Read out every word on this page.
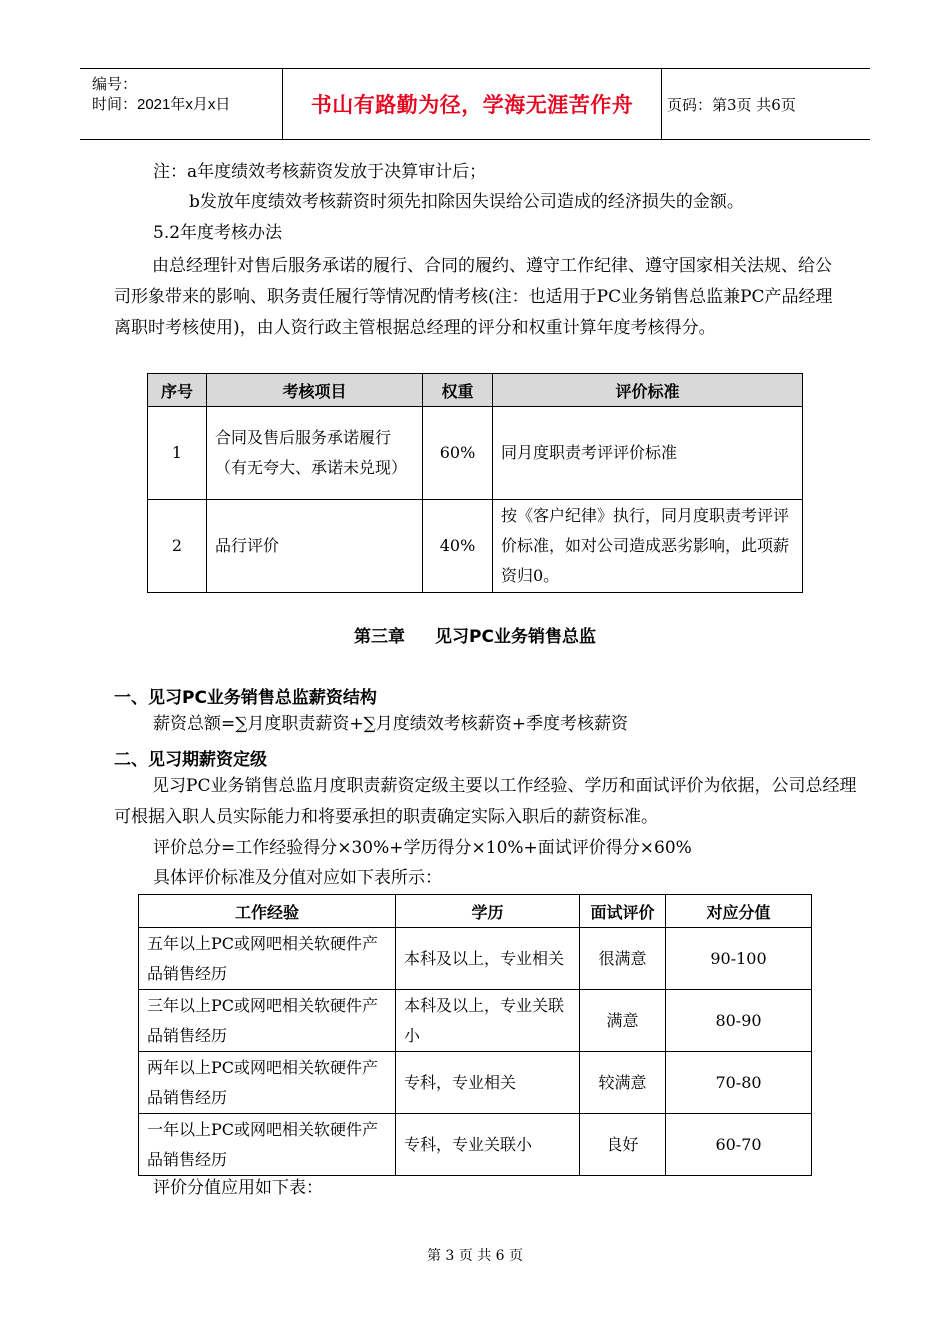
编号：
时间：2021年x月x日	书山有路勤为径，学海无涯苦作舟 页码：第3页 共6页
注：a年度绩效考核薪资发放于决算审计后；
b发放年度绩效考核薪资时须先扣除因失误给公司造成的经济损失的金额。
5.2年度考核办法
由总经理针对售后服务承诺的履行、合同的履约、遵守工作纪律、遵守国家相关法规、给公司形象带来的影响、职务责任履行等情况酌情考核(注：也适用于PC业务销售总监兼PC产品经理离职时考核使用)，由人资行政主管根据总经理的评分和权重计算年度考核得分。
序号	考核项目	权重	评价标准
1	合同及售后服务承诺履行（有无夸大、承诺未兑现）	60%	同月度职责考评评价标准
2	品行评价	40%	按《客户纪律》执行，同月度职责考评评价标准，如对公司造成恶劣影响，此项薪资归0。
第三章 见习PC业务销售总监
一、见习PC业务销售总监薪资结构
薪资总额=∑月度职责薪资+∑月度绩效考核薪资+季度考核薪资
二、见习期薪资定级
见习PC业务销售总监月度职责薪资定级主要以工作经验、学历和面试评价为依据，公司总经理可根据入职人员实际能力和将要承担的职责确定实际入职后的薪资标准。
评价总分=工作经验得分×30%+学历得分×10%+面试评价得分×60%
具体评价标准及分值对应如下表所示：
工作经验	学历	面试评价	对应分值
五年以上PC或网吧相关软硬件产品销售经历	本科及以上，专业相关	很满意	90-100
三年以上PC或网吧相关软硬件产品销售经历	本科及以上，专业关联小	满意	80-90
两年以上PC或网吧相关软硬件产品销售经历	专科，专业相关	较满意	70-80
一年以上PC或网吧相关软硬件产品销售经历	专科，专业关联小	良好	60-70
评价分值应用如下表：
第 3 页 共 6 页
